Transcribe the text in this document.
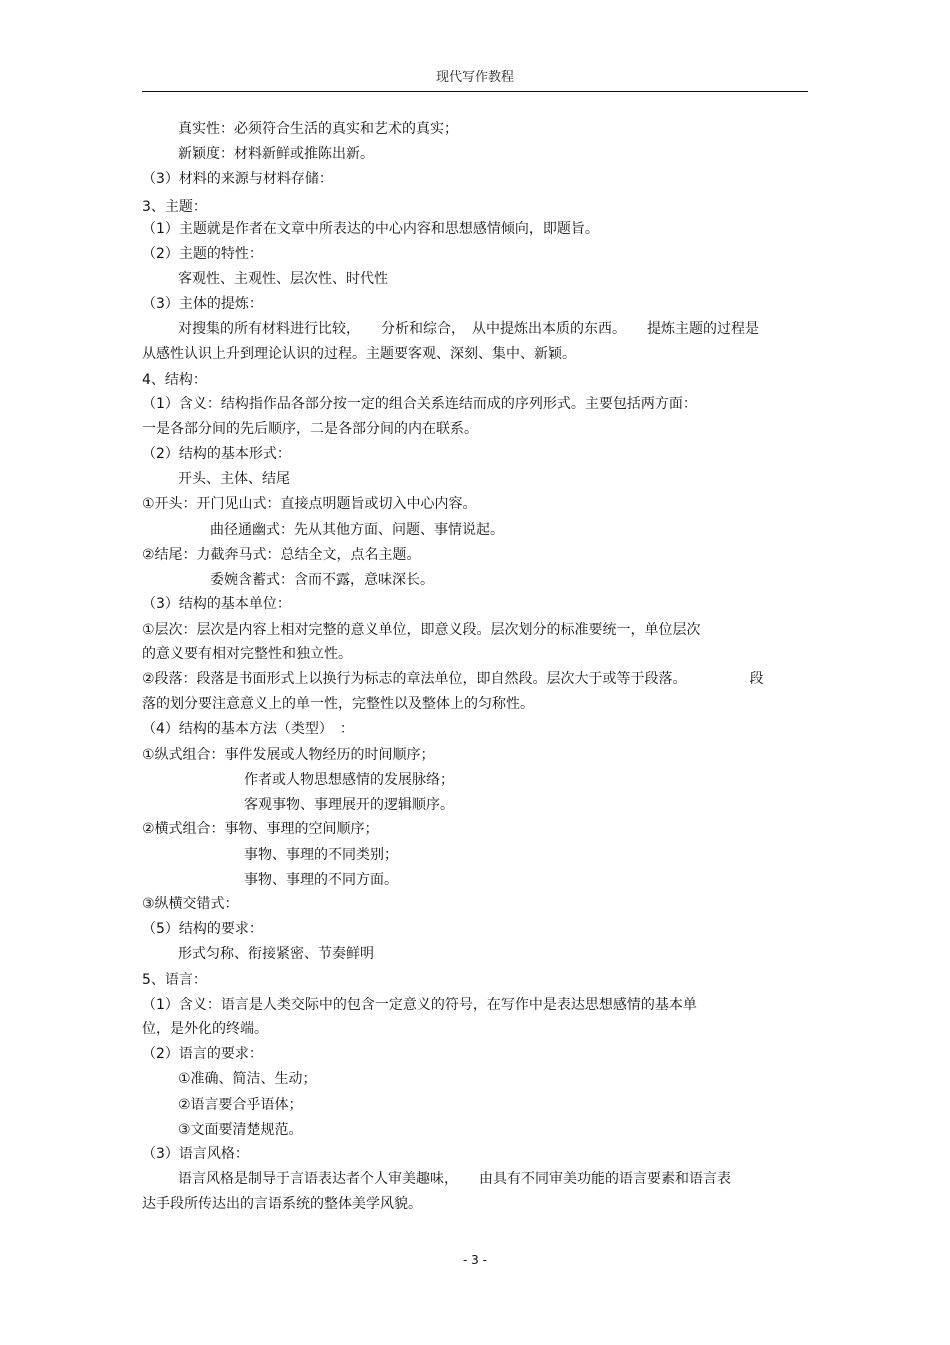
现代写作教程
真实性：必须符合生活的真实和艺术的真实；
新颖度：材料新鲜或推陈出新。
（3）材料的来源与材料存储：
3、主题：
（1）主题就是作者在文章中所表达的中心内容和思想感情倾向，即题旨。
（2）主题的特性：
客观性、主观性、层次性、时代性
（3）主体的提炼：
对搜集的所有材料进行比较，　　分析和综合，　从中提炼出本质的东西。　　提炼主题的过程是
从感性认识上升到理论认识的过程。主题要客观、深刻、集中、新颖。
4、结构：
（1）含义：结构指作品各部分按一定的组合关系连结而成的序列形式。主要包括两方面：
一是各部分间的先后顺序，二是各部分间的内在联系。
（2）结构的基本形式：
开头、主体、结尾
①开头：开门见山式：直接点明题旨或切入中心内容。
曲径通幽式：先从其他方面、问题、事情说起。
②结尾：力截奔马式：总结全文，点名主题。
委婉含蓄式：含而不露，意味深长。
（3）结构的基本单位：
①层次：层次是内容上相对完整的意义单位，即意义段。层次划分的标准要统一，单位层次
的意义要有相对完整性和独立性。
②段落：段落是书面形式上以换行为标志的章法单位，即自然段。层次大于或等于段落。　　　　　段
落的划分要注意意义上的单一性，完整性以及整体上的匀称性。
（4）结构的基本方法（类型）　：
①纵式组合：事件发展或人物经历的时间顺序；
作者或人物思想感情的发展脉络；
客观事物、事理展开的逻辑顺序。
②横式组合：事物、事理的空间顺序；
事物、事理的不同类别；
事物、事理的不同方面。
③纵横交错式：
（5）结构的要求：
形式匀称、衔接紧密、节奏鲜明
5、语言：
（1）含义：语言是人类交际中的包含一定意义的符号，在写作中是表达思想感情的基本单
位，是外化的终端。
（2）语言的要求：
①准确、简洁、生动；
②语言要合乎语体；
③文面要清楚规范。
（3）语言风格：
语言风格是制导于言语表达者个人审美趣味，　　由具有不同审美功能的语言要素和语言表
达手段所传达出的言语系统的整体美学风貌。
- 3 -
